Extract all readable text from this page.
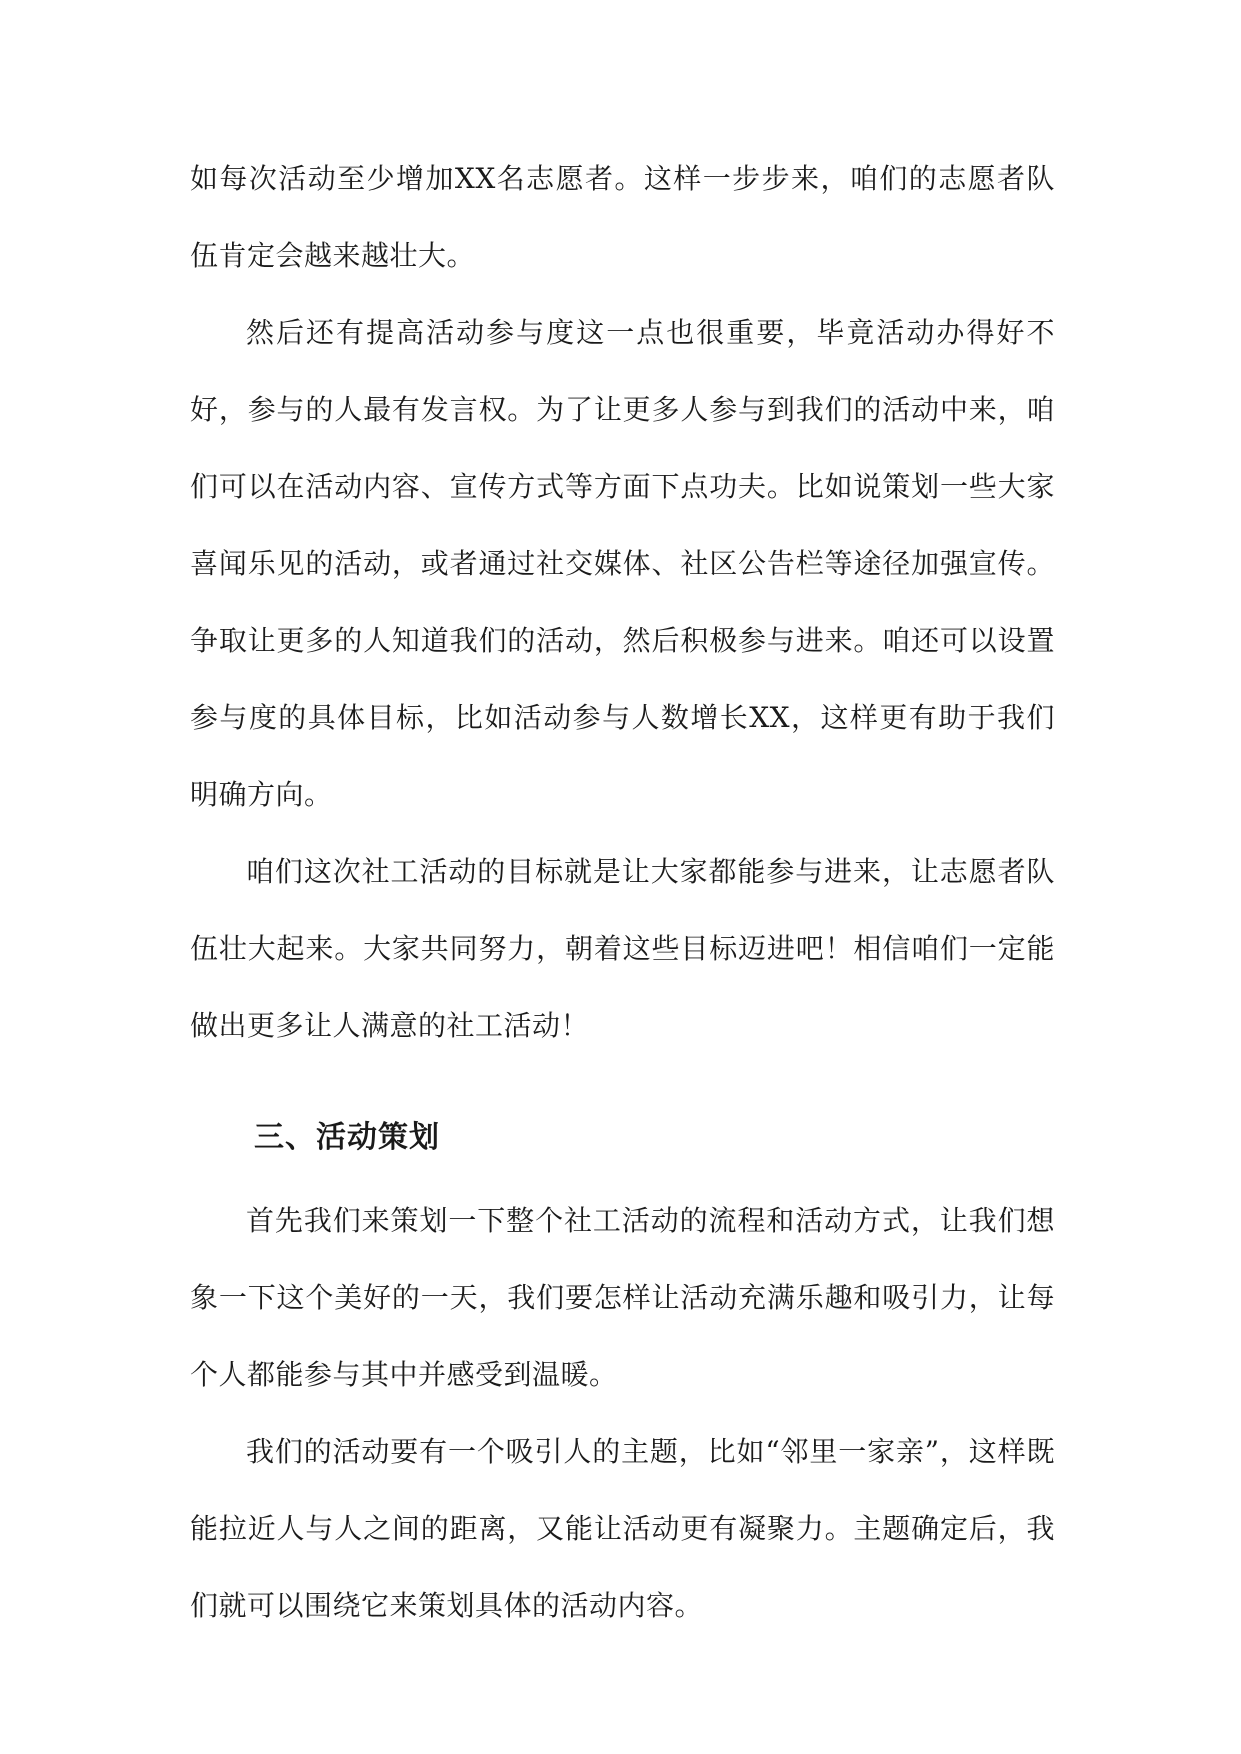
如每次活动至少增加XX名志愿者。这样一步步来，咱们的志愿者队伍肯定会越来越壮大。

然后还有提高活动参与度这一点也很重要，毕竟活动办得好不好，参与的人最有发言权。为了让更多人参与到我们的活动中来，咱们可以在活动内容、宣传方式等方面下点功夫。比如说策划一些大家喜闻乐见的活动，或者通过社交媒体、社区公告栏等途径加强宣传。争取让更多的人知道我们的活动，然后积极参与进来。咱还可以设置参与度的具体目标，比如活动参与人数增长XX，这样更有助于我们明确方向。

咱们这次社工活动的目标就是让大家都能参与进来，让志愿者队伍壮大起来。大家共同努力，朝着这些目标迈进吧！相信咱们一定能做出更多让人满意的社工活动！

三、活动策划

首先我们来策划一下整个社工活动的流程和活动方式，让我们想象一下这个美好的一天，我们要怎样让活动充满乐趣和吸引力，让每个人都能参与其中并感受到温暖。

我们的活动要有一个吸引人的主题，比如“邻里一家亲”，这样既能拉近人与人之间的距离，又能让活动更有凝聚力。主题确定后，我们就可以围绕它来策划具体的活动内容。
